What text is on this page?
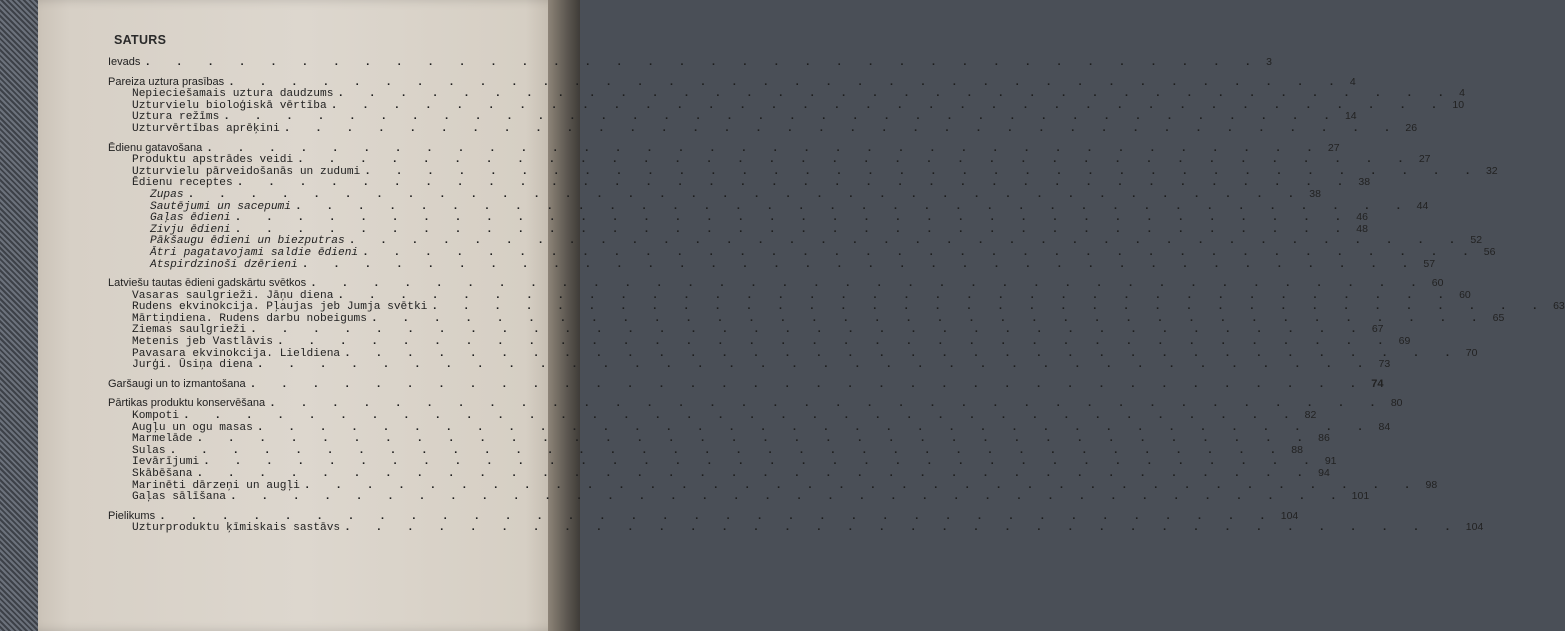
SATURS
Ievads . . . . . . . . . . . . . . . . . . . . . . . . . . . . . . . . . . . . 3
Pareiza uztura prasības . . . . . . . . . . . . . . . . . . . . . . . . . . . . . . . . . . . . 4
Nepieciešamais uztura daudzums . . . . . . . . . . . . . . . . . . . . . . . . . . . . . . . . . . . . 4
Uzturvielu bioloģiskā vērtība . . . . . . . . . . . . . . . . . . . . . . . . . . . . . . . . . . . . 10
Uztura režīms . . . . . . . . . . . . . . . . . . . . . . . . . . . . . . . . . . . . 14
Uzturvērtības aprēķini . . . . . . . . . . . . . . . . . . . . . . . . . . . . . . . . . . . . 26
Ēdienu gatavošana . . . . . . . . . . . . . . . . . . . . . . . . . . . . . . . . . . . . 27
Produktu apstrādes veidi . . . . . . . . . . . . . . . . . . . . . . . . . . . . . . . . . . . . 27
Uzturvielu pārveidošanās un zudumi . . . . . . . . . . . . . . . . . . . . . . . . . . . . . . . . . . . . 32
Ēdienu receptes . . . . . . . . . . . . . . . . . . . . . . . . . . . . . . . . . . . . 38
Zupas . . . . . . . . . . . . . . . . . . . . . . . . . . . . . . . . . . . . 38
Sautējumi un sacepumi . . . . . . . . . . . . . . . . . . . . . . . . . . . . . . . . . . . . 44
Gaļas ēdieni . . . . . . . . . . . . . . . . . . . . . . . . . . . . . . . . . . . . 46
Zivju ēdieni . . . . . . . . . . . . . . . . . . . . . . . . . . . . . . . . . . . . 48
Pākšaugu ēdieni un biezputras . . . . . . . . . . . . . . . . . . . . . . . . . . . . . . . . . . . . 52
Ātri pagatavojami saldie ēdieni . . . . . . . . . . . . . . . . . . . . . . . . . . . . . . . . . . . . 56
Atspirdzinoši dzērieni . . . . . . . . . . . . . . . . . . . . . . . . . . . . . . . . . . . . 57
Latviešu tautas ēdieni gadskārtu svētkos . . . . . . . . . . . . . . . . . . . . . . . . . . . . . . . . . . . . 60
Vasaras saulgrieži. Jāņu diena . . . . . . . . . . . . . . . . . . . . . . . . . . . . . . . . . . . . 60
Rudens ekvinokcija. Pļaujas jeb Jumja svētki . . . . . . . . . . . . . . . . . . . . . . . . . . . . . . . . . . . . 63
Mārtiņdiena. Rudens darbu nobeigums . . . . . . . . . . . . . . . . . . . . . . . . . . . . . . . . . . . . 65
Ziemas saulgrieži . . . . . . . . . . . . . . . . . . . . . . . . . . . . . . . . . . . . 67
Metenis jeb Vastlāvis . . . . . . . . . . . . . . . . . . . . . . . . . . . . . . . . . . . . 69
Pavasara ekvinokcija. Lieldiena . . . . . . . . . . . . . . . . . . . . . . . . . . . . . . . . . . . . 70
Jurģi. Ūsiņa diena . . . . . . . . . . . . . . . . . . . . . . . . . . . . . . . . . . . . 73
Garšaugi un to izmantošana . . . . . . . . . . . . . . . . . . . . . . . . . . . . . . . . . . . . 74
Pārtikas produktu konservēšana . . . . . . . . . . . . . . . . . . . . . . . . . . . . . . . . . . . . 80
Kompoti . . . . . . . . . . . . . . . . . . . . . . . . . . . . . . . . . . . . 82
Augļu un ogu masas . . . . . . . . . . . . . . . . . . . . . . . . . . . . . . . . . . . . 84
Marmelāde . . . . . . . . . . . . . . . . . . . . . . . . . . . . . . . . . . . . 86
Sulas . . . . . . . . . . . . . . . . . . . . . . . . . . . . . . . . . . . . 88
Ievārījumi . . . . . . . . . . . . . . . . . . . . . . . . . . . . . . . . . . . . 91
Skābēšana . . . . . . . . . . . . . . . . . . . . . . . . . . . . . . . . . . . . 94
Marinēti dārzeņi un augļi . . . . . . . . . . . . . . . . . . . . . . . . . . . . . . . . . . . . 98
Gaļas sālīšana . . . . . . . . . . . . . . . . . . . . . . . . . . . . . . . . . . . . 101
Pielikums . . . . . . . . . . . . . . . . . . . . . . . . . . . . . . . . . . . . 104
Uzturproduktu ķīmiskais sastāvs . . . . . . . . . . . . . . . . . . . . . . . . . . . . . . . . . . . . 104
